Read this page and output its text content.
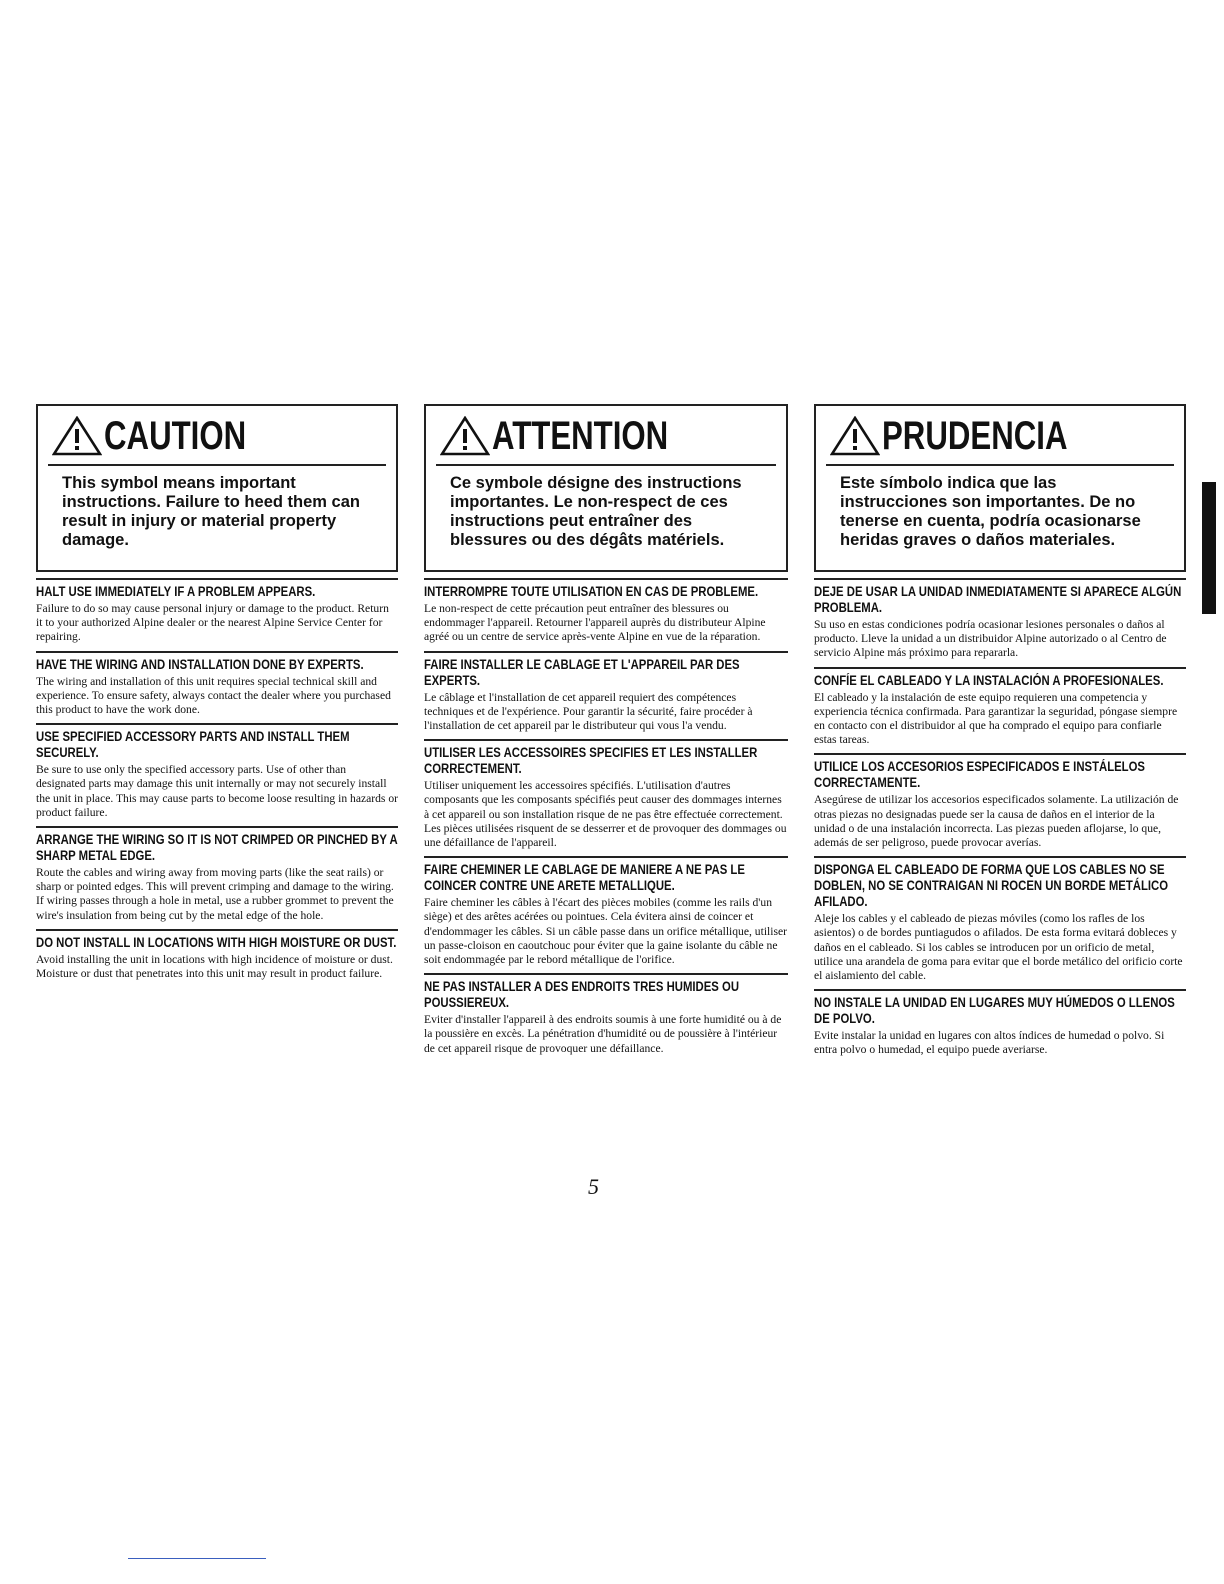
CAUTION
This symbol means important instructions. Failure to heed them can result in injury or material property damage.
HALT USE IMMEDIATELY IF A PROBLEM APPEARS.
Failure to do so may cause personal injury or damage to the product. Return it to your authorized Alpine dealer or the nearest Alpine Service Center for repairing.
HAVE THE WIRING AND INSTALLATION DONE BY EXPERTS.
The wiring and installation of this unit requires special technical skill and experience. To ensure safety, always contact the dealer where you purchased this product to have the work done.
USE SPECIFIED ACCESSORY PARTS AND INSTALL THEM SECURELY.
Be sure to use only the specified accessory parts. Use of other than designated parts may damage this unit internally or may not securely install the unit in place. This may cause parts to become loose resulting in hazards or product failure.
ARRANGE THE WIRING SO IT IS NOT CRIMPED OR PINCHED BY A SHARP METAL EDGE.
Route the cables and wiring away from moving parts (like the seat rails) or sharp or pointed edges. This will prevent crimping and damage to the wiring. If wiring passes through a hole in metal, use a rubber grommet to prevent the wire's insulation from being cut by the metal edge of the hole.
DO NOT INSTALL IN LOCATIONS WITH HIGH MOISTURE OR DUST.
Avoid installing the unit in locations with high incidence of moisture or dust. Moisture or dust that penetrates into this unit may result in product failure.
ATTENTION
Ce symbole désigne des instructions importantes. Le non-respect de ces instructions peut entraîner des blessures ou des dégâts matériels.
INTERROMPRE TOUTE UTILISATION EN CAS DE PROBLEME.
Le non-respect de cette précaution peut entraîner des blessures ou endommager l'appareil. Retourner l'appareil auprès du distributeur Alpine agréé ou un centre de service après-vente Alpine en vue de la réparation.
FAIRE INSTALLER LE CABLAGE ET L'APPAREIL PAR DES EXPERTS.
Le câblage et l'installation de cet appareil requiert des compétences techniques et de l'expérience. Pour garantir la sécurité, faire procéder à l'installation de cet appareil par le distributeur qui vous l'a vendu.
UTILISER LES ACCESSOIRES SPECIFIES ET LES INSTALLER CORRECTEMENT.
Utiliser uniquement les accessoires spécifiés. L'utilisation d'autres composants que les composants spécifiés peut causer des dommages internes à cet appareil ou son installation risque de ne pas être effectuée correctement. Les pièces utilisées risquent de se desserrer et de provoquer des dommages ou une défaillance de l'appareil.
FAIRE CHEMINER LE CABLAGE DE MANIERE A NE PAS LE COINCER CONTRE UNE ARETE METALLIQUE.
Faire cheminer les câbles à l'écart des pièces mobiles (comme les rails d'un siège) et des arêtes acérées ou pointues. Cela évitera ainsi de coincer et d'endommager les câbles. Si un câble passe dans un orifice métallique, utiliser un passe-cloison en caoutchouc pour éviter que la gaine isolante du câble ne soit endommagée par le rebord métallique de l'orifice.
NE PAS INSTALLER A DES ENDROITS TRES HUMIDES OU POUSSIEREUX.
Eviter d'installer l'appareil à des endroits soumis à une forte humidité ou à de la poussière en excès. La pénétration d'humidité ou de poussière à l'intérieur de cet appareil risque de provoquer une défaillance.
PRUDENCIA
Este símbolo indica que las instrucciones son importantes. De no tenerse en cuenta, podría ocasionarse heridas graves o daños materiales.
DEJE DE USAR LA UNIDAD INMEDIATAMENTE SI APARECE ALGÚN PROBLEMA.
Su uso en estas condiciones podría ocasionar lesiones personales o daños al producto. Lleve la unidad a un distribuidor Alpine autorizado o al Centro de servicio Alpine más próximo para repararla.
CONFÍE EL CABLEADO Y LA INSTALACIÓN A PROFESIONALES.
El cableado y la instalación de este equipo requieren una competencia y experiencia técnica confirmada. Para garantizar la seguridad, póngase siempre en contacto con el distribuidor al que ha comprado el equipo para confiarle estas tareas.
UTILICE LOS ACCESORIOS ESPECIFICADOS E INSTÁLELOS CORRECTAMENTE.
Asegúrese de utilizar los accesorios especificados solamente. La utilización de otras piezas no designadas puede ser la causa de daños en el interior de la unidad o de una instalación incorrecta. Las piezas pueden aflojarse, lo que, además de ser peligroso, puede provocar averías.
DISPONGA EL CABLEADO DE FORMA QUE LOS CABLES NO SE DOBLEN, NO SE CONTRAIGAN NI ROCEN UN BORDE METÁLICO AFILADO.
Aleje los cables y el cableado de piezas móviles (como los rafles de los asientos) o de bordes puntiagudos o afilados. De esta forma evitará dobleces y daños en el cableado. Si los cables se introducen por un orificio de metal, utilice una arandela de goma para evitar que el borde metálico del orificio corte el aislamiento del cable.
NO INSTALE LA UNIDAD EN LUGARES MUY HÚMEDOS O LLENOS DE POLVO.
Evite instalar la unidad en lugares con altos índices de humedad o polvo. Si entra polvo o humedad, el equipo puede averiarse.
5
